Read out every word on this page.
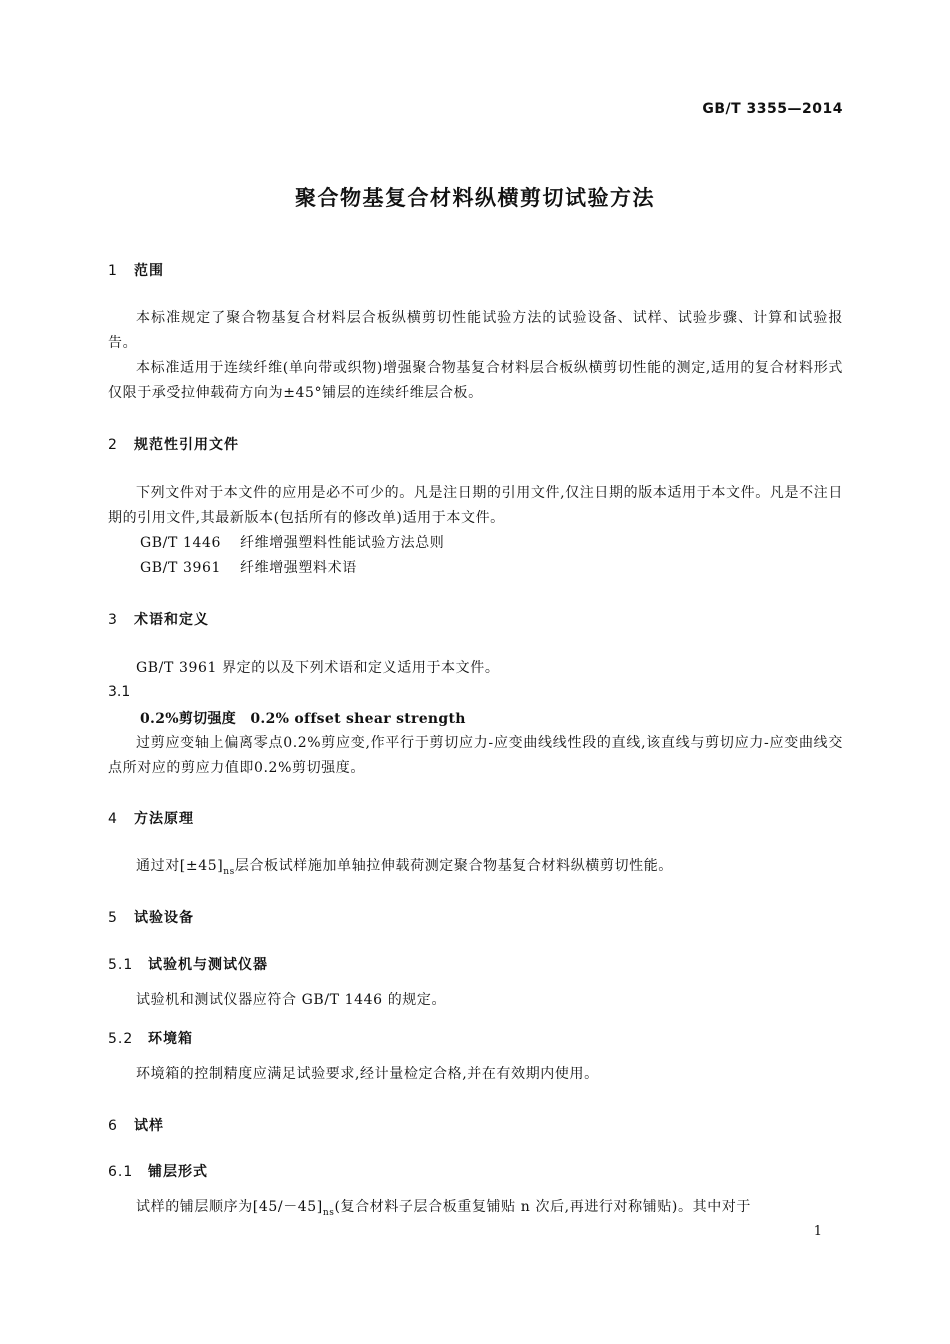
GB/T 3355—2014
聚合物基复合材料纵横剪切试验方法
1 范围
本标准规定了聚合物基复合材料层合板纵横剪切性能试验方法的试验设备、试样、试验步骤、计算和试验报告。
本标准适用于连续纤维(单向带或织物)增强聚合物基复合材料层合板纵横剪切性能的测定,适用的复合材料形式仅限于承受拉伸载荷方向为±45°铺层的连续纤维层合板。
2 规范性引用文件
下列文件对于本文件的应用是必不可少的。凡是注日期的引用文件,仅注日期的版本适用于本文件。凡是不注日期的引用文件,其最新版本(包括所有的修改单)适用于本文件。
GB/T 1446 纤维增强塑料性能试验方法总则
GB/T 3961 纤维增强塑料术语
3 术语和定义
GB/T 3961 界定的以及下列术语和定义适用于本文件。
3.1
0.2%剪切强度　0.2% offset shear strength
过剪应变轴上偏离零点0.2%剪应变,作平行于剪切应力-应变曲线线性段的直线,该直线与剪切应力-应变曲线交点所对应的剪应力值即0.2%剪切强度。
4 方法原理
通过对$[\pm 45]_{ns}$层合板试样施加单轴拉伸载荷测定聚合物基复合材料纵横剪切性能。
5 试验设备
5.1 试验机与测试仪器
试验机和测试仪器应符合 GB/T 1446 的规定。
5.2 环境箱
环境箱的控制精度应满足试验要求,经计量检定合格,并在有效期内使用。
6 试样
6.1 铺层形式
试样的铺层顺序为$[45/-45]_{ns}$(复合材料子层合板重复铺贴 n 次后,再进行对称铺贴)。其中对于
1
